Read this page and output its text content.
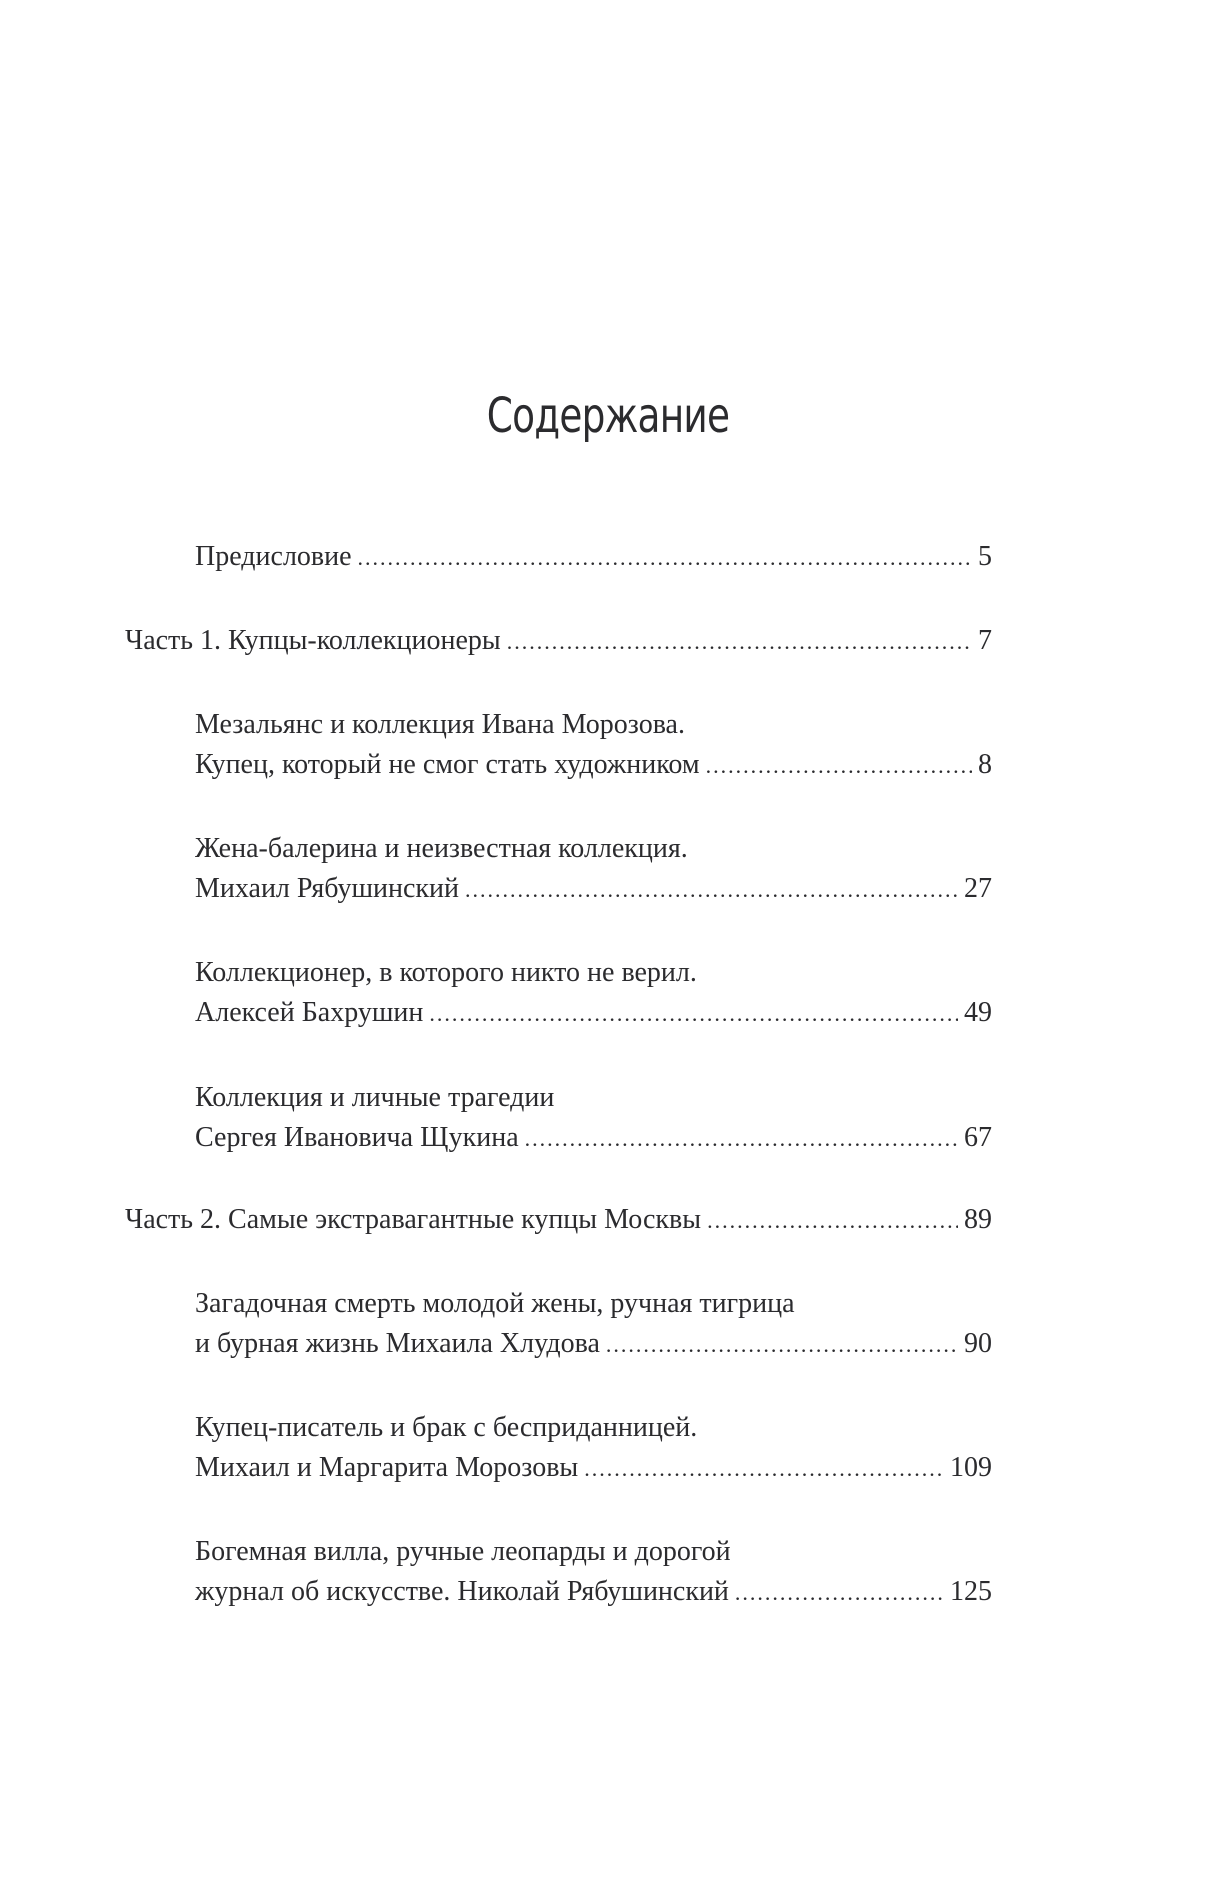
Содержание
Предисловие .....	5
Часть 1. Купцы-коллекционеры .....	7
Мезальянс и коллекция Ивана Морозова.
Купец, который не смог стать художником .....	8
Жена-балерина и неизвестная коллекция.
Михаил Рябушинский .....	27
Коллекционер, в которого никто не верил.
Алексей Бахрушин .....	49
Коллекция и личные трагедии
Сергея Ивановича Щукина .....	67
Часть 2. Самые экстравагантные купцы Москвы .....	89
Загадочная смерть молодой жены, ручная тигрица
и бурная жизнь Михаила Хлудова .....	90
Купец-писатель и брак с бесприданницей.
Михаил и Маргарита Морозовы .....	109
Богемная вилла, ручные леопарды и дорогой
журнал об искусстве. Николай Рябушинский .....	125
